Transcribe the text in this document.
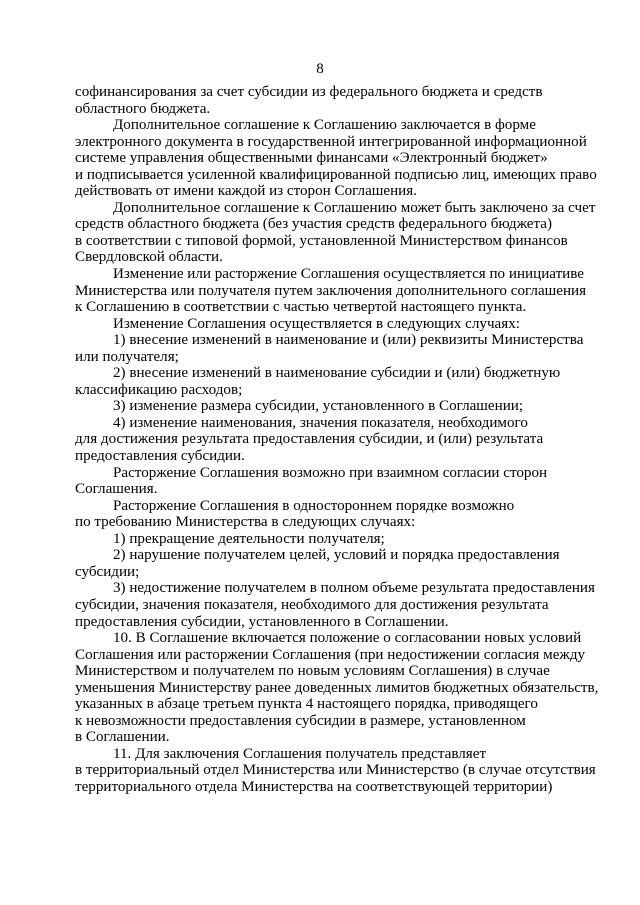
8

софинансирования за счет субсидии из федерального бюджета и средств
областного бюджета.

Дополнительное соглашение к Соглашению заключается в форме
электронного документа в государственной интегрированной информационной
системе управления общественными финансами «Электронный бюджет»
и подписывается усиленной квалифицированной подписью лиц, имеющих право
действовать от имени каждой из сторон Соглашения.

Дополнительное соглашение к Соглашению может быть заключено за счет
средств областного бюджета (без участия средств федерального бюджета)
в соответствии с типовой формой, установленной Министерством финансов
Свердловской области.

Изменение или расторжение Соглашения осуществляется по инициативе
Министерства или получателя путем заключения дополнительного соглашения
к Соглашению в соответствии с частью четвертой настоящего пункта.

Изменение Соглашения осуществляется в следующих случаях:

1) внесение изменений в наименование и (или) реквизиты Министерства
или получателя;

2) внесение изменений в наименование субсидии и (или) бюджетную
классификацию расходов;

3) изменение размера субсидии, установленного в Соглашении;

4) изменение наименования, значения показателя, необходимого
для достижения результата предоставления субсидии, и (или) результата
предоставления субсидии.

Расторжение Соглашения возможно при взаимном согласии сторон
Соглашения.

Расторжение Соглашения в одностороннем порядке возможно
по требованию Министерства в следующих случаях:

1) прекращение деятельности получателя;

2) нарушение получателем целей, условий и порядка предоставления
субсидии;

3) недостижение получателем в полном объеме результата предоставления
субсидии, значения показателя, необходимого для достижения результата
предоставления субсидии, установленного в Соглашении.

10. В Соглашение включается положение о согласовании новых условий
Соглашения или расторжении Соглашения (при недостижении согласия между
Министерством и получателем по новым условиям Соглашения) в случае
уменьшения Министерству ранее доведенных лимитов бюджетных обязательств,
указанных в абзаце третьем пункта 4 настоящего порядка, приводящего
к невозможности предоставления субсидии в размере, установленном
в Соглашении.

11. Для заключения Соглашения получатель представляет
в территориальный отдел Министерства или Министерство (в случае отсутствия
территориального отдела Министерства на соответствующей территории)
